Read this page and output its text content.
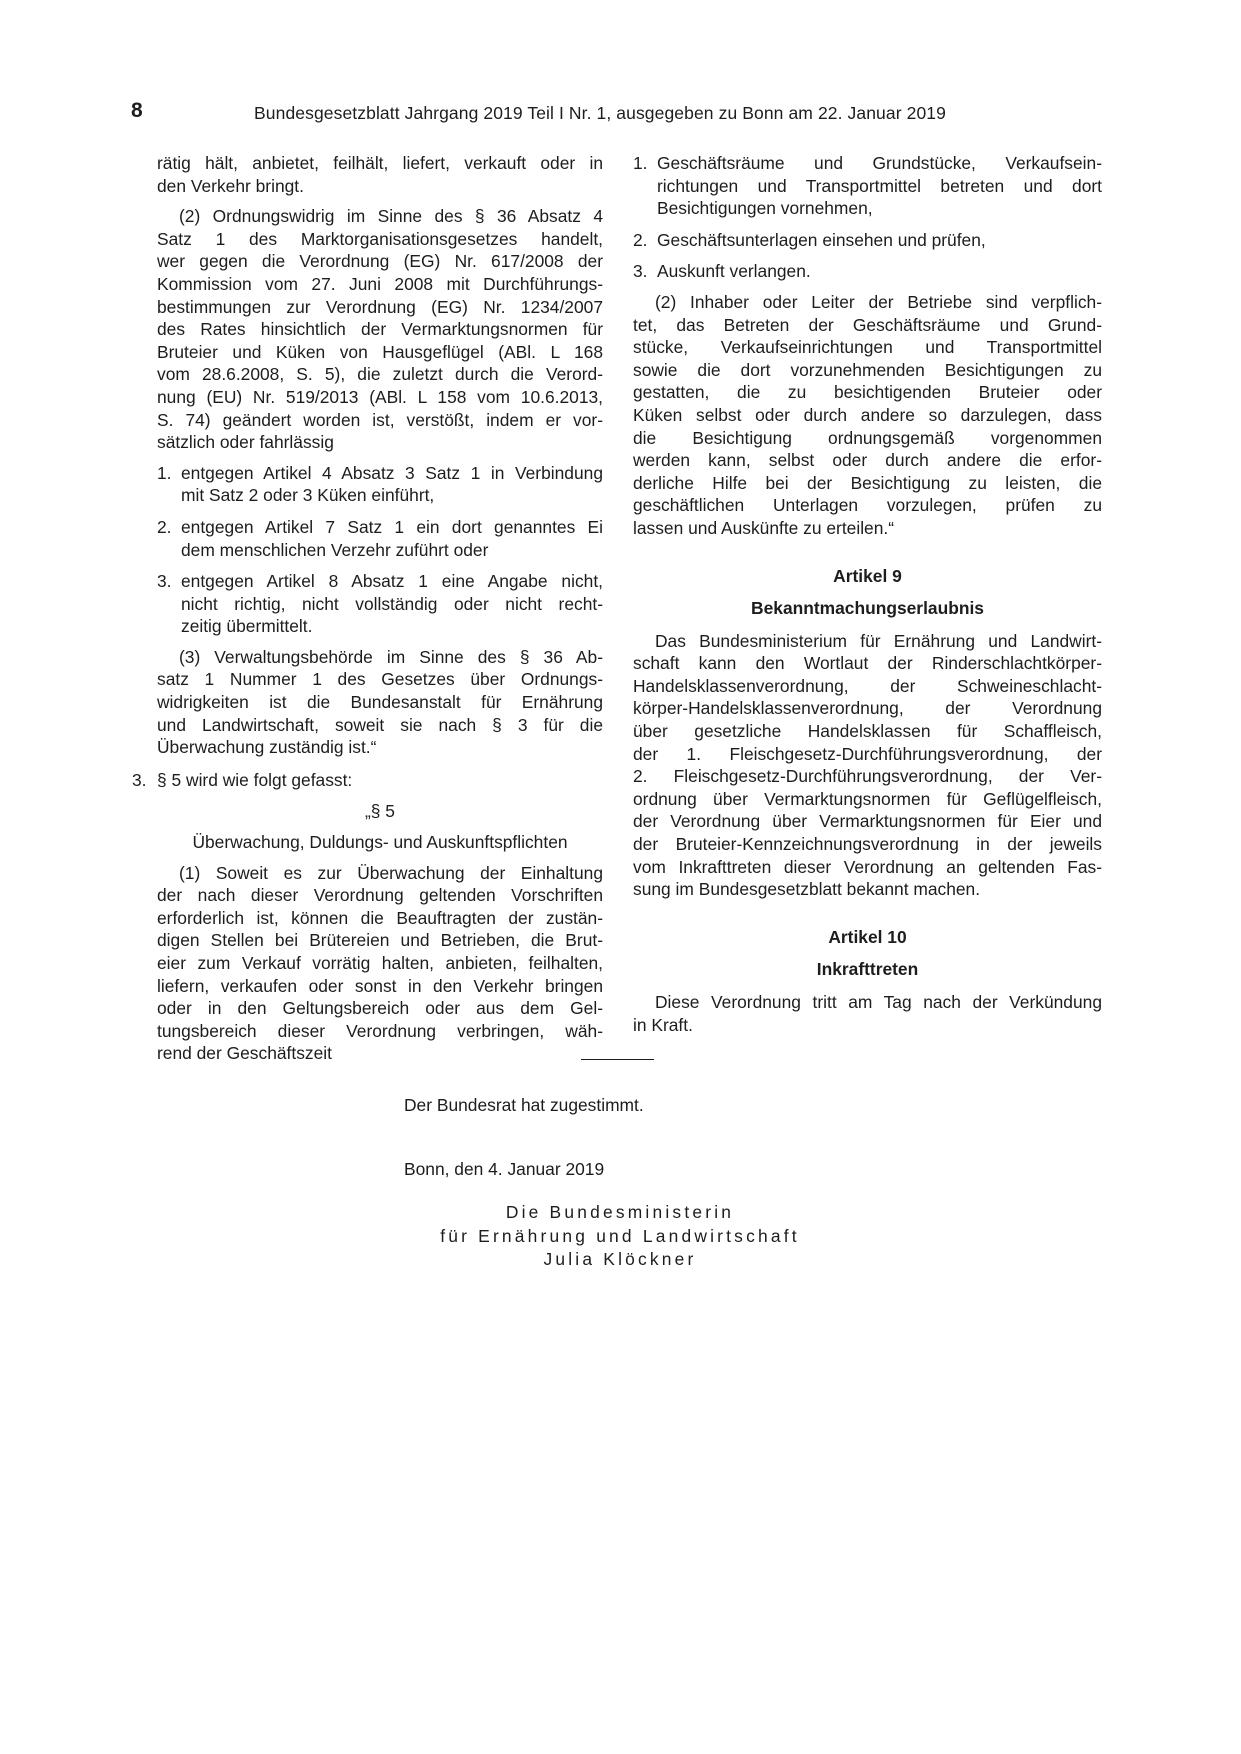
8	Bundesgesetzblatt Jahrgang 2019 Teil I Nr. 1, ausgegeben zu Bonn am 22. Januar 2019

rätig hält, anbietet, feilhält, liefert, verkauft oder in
den Verkehr bringt.

(2) Ordnungswidrig im Sinne des § 36 Absatz 4
Satz 1 des Marktorganisationsgesetzes handelt,
wer gegen die Verordnung (EG) Nr. 617/2008 der
Kommission vom 27. Juni 2008 mit Durchführungs-
bestimmungen zur Verordnung (EG) Nr. 1234/2007
des Rates hinsichtlich der Vermarktungsnormen für
Bruteier und Küken von Hausgeflügel (ABl. L 168
vom 28.6.2008, S. 5), die zuletzt durch die Verord-
nung (EU) Nr. 519/2013 (ABl. L 158 vom 10.6.2013,
S. 74) geändert worden ist, verstößt, indem er vor-
sätzlich oder fahrlässig

1. entgegen Artikel 4 Absatz 3 Satz 1 in Verbindung
mit Satz 2 oder 3 Küken einführt,
2. entgegen Artikel 7 Satz 1 ein dort genanntes Ei
dem menschlichen Verzehr zuführt oder
3. entgegen Artikel 8 Absatz 1 eine Angabe nicht,
nicht richtig, nicht vollständig oder nicht recht-
zeitig übermittelt.

(3) Verwaltungsbehörde im Sinne des § 36 Ab-
satz 1 Nummer 1 des Gesetzes über Ordnungs-
widrigkeiten ist die Bundesanstalt für Ernährung
und Landwirtschaft, soweit sie nach § 3 für die
Überwachung zuständig ist.“

3. § 5 wird wie folgt gefasst:

„§ 5

Überwachung, Duldungs- und Auskunftspflichten

(1) Soweit es zur Überwachung der Einhaltung
der nach dieser Verordnung geltenden Vorschriften
erforderlich ist, können die Beauftragten der zustän-
digen Stellen bei Brütereien und Betrieben, die Brut-
eier zum Verkauf vorrätig halten, anbieten, feilhalten,
liefern, verkaufen oder sonst in den Verkehr bringen
oder in den Geltungsbereich oder aus dem Gel-
tungsbereich dieser Verordnung verbringen, wäh-
rend der Geschäftszeit

1. Geschäftsräume und Grundstücke, Verkaufsein-
richtungen und Transportmittel betreten und dort
Besichtigungen vornehmen,
2. Geschäftsunterlagen einsehen und prüfen,
3. Auskunft verlangen.

(2) Inhaber oder Leiter der Betriebe sind verpflich-
tet, das Betreten der Geschäftsräume und Grund-
stücke, Verkaufseinrichtungen und Transportmittel
sowie die dort vorzunehmenden Besichtigungen zu
gestatten, die zu besichtigenden Bruteier oder
Küken selbst oder durch andere so darzulegen, dass
die Besichtigung ordnungsgemäß vorgenommen
werden kann, selbst oder durch andere die erfor-
derliche Hilfe bei der Besichtigung zu leisten, die
geschäftlichen Unterlagen vorzulegen, prüfen zu
lassen und Auskünfte zu erteilen.“

Artikel 9

Bekanntmachungserlaubnis

Das Bundesministerium für Ernährung und Landwirt-
schaft kann den Wortlaut der Rinderschlachtkörper-
Handelsklassenverordnung, der Schweineschlacht-
körper-Handelsklassenverordnung, der Verordnung
über gesetzliche Handelsklassen für Schaffleisch,
der 1. Fleischgesetz-Durchführungsverordnung, der
2. Fleischgesetz-Durchführungsverordnung, der Ver-
ordnung über Vermarktungsnormen für Geflügelfleisch,
der Verordnung über Vermarktungsnormen für Eier und
der Bruteier-Kennzeichnungsverordnung in der jeweils
vom Inkrafttreten dieser Verordnung an geltenden Fas-
sung im Bundesgesetzblatt bekannt machen.

Artikel 10

Inkrafttreten

Diese Verordnung tritt am Tag nach der Verkündung
in Kraft.

Der Bundesrat hat zugestimmt.
Bonn, den 4. Januar 2019
Die Bundesministerin
für Ernährung und Landwirtschaft
Julia Klöckner
